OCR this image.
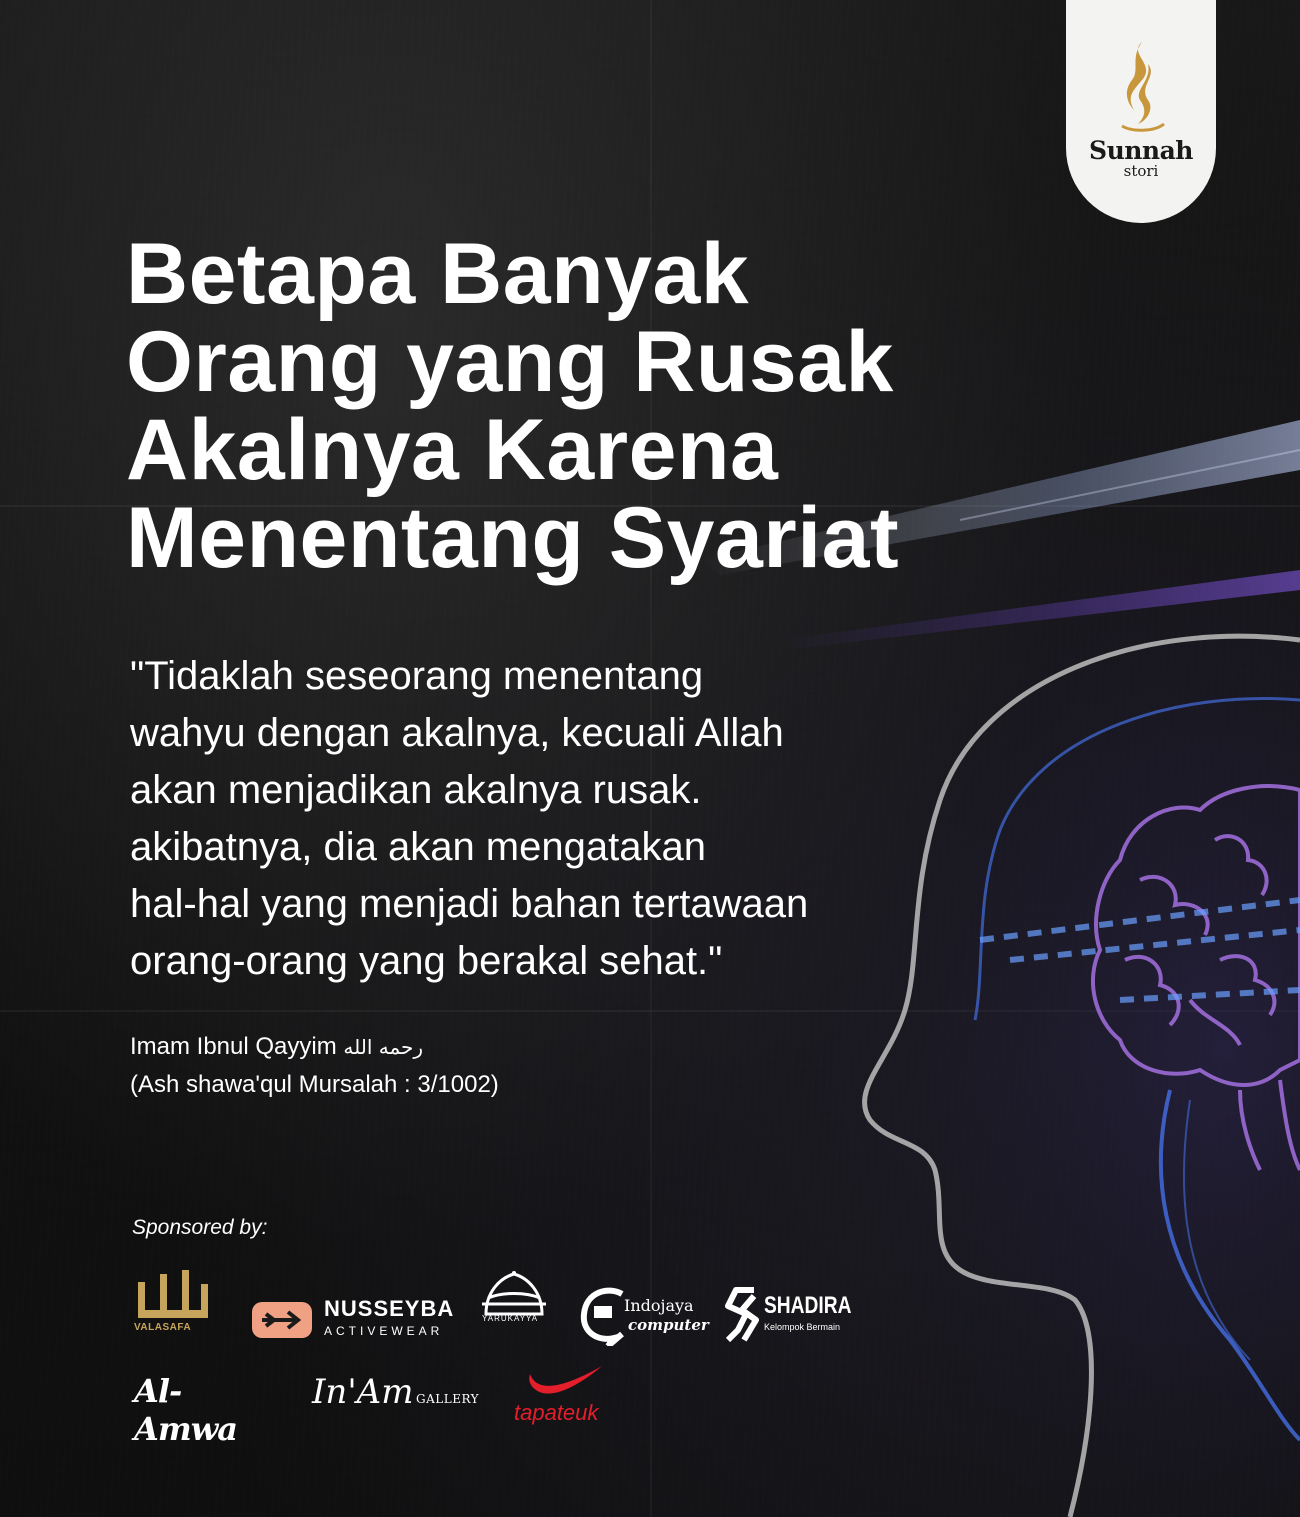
Sunnah
stori
Betapa Banyak
Orang yang Rusak
Akalnya Karena
Menentang Syariat

"Tidaklah seseorang menentang
wahyu dengan akalnya, kecuali Allah
akan menjadikan akalnya rusak.
akibatnya, dia akan mengatakan
hal-hal yang menjadi bahan tertawaan
orang-orang yang berakal sehat."

Imam Ibnul Qayyim رحمه الله
(Ash shawa'qul Mursalah : 3/1002)
Sponsored by:
VALASAFA
NUSSEYBA
ACTIVEWEAR
YARUKAYYA
Indojaya
computer
SHADIRA
Kelompok Bermain
Al-Amwa
In'Am GALLERY
tapateuk
